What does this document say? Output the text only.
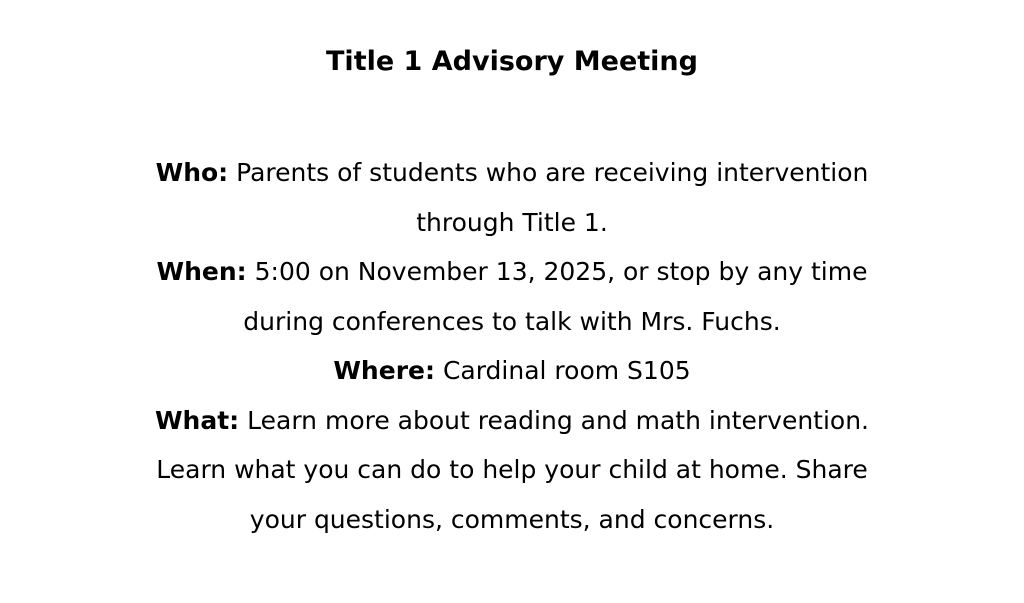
Title 1 Advisory Meeting
Who: Parents of students who are receiving intervention
through Title 1.
When: 5:00 on November 13, 2025, or stop by any time
during conferences to talk with Mrs. Fuchs.
Where: Cardinal room S105
What: Learn more about reading and math intervention.
Learn what you can do to help your child at home. Share
your questions, comments, and concerns.
